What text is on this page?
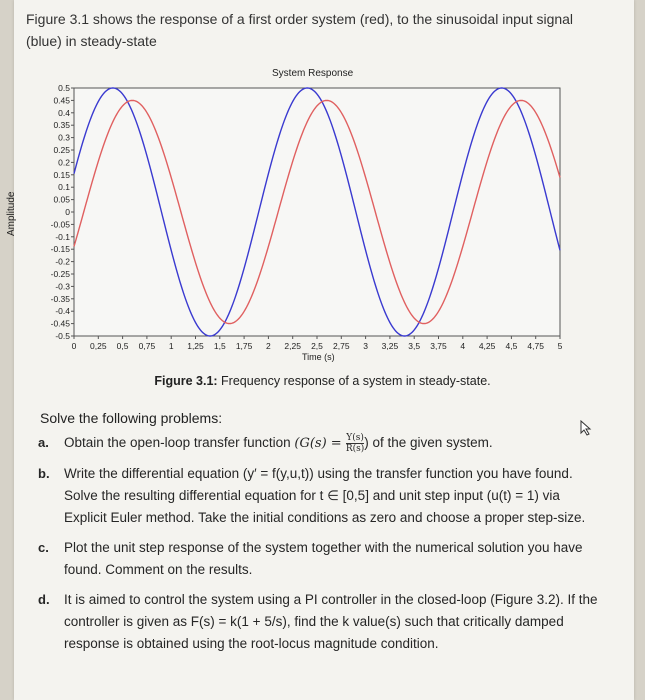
Figure 3.1 shows the response of a first order system (red), to the sinusoidal input signal (blue) in steady-state
System Response
0.5
0.45
0.4
0.35
0.3
0.25
0.2
0.15
0.1
0.05
0
-0.05
-0.1
-0.15
-0.2
-0.25
-0.3
-0.35
-0.4
-0.45
-0.5
0 0,25 0,5 0,75 1 1,25 1,5 1,75 2 2,25 2,5 2,75 3 3,25 3,5 3,75 4 4,25 4,5 4,75 5
Amplitude
Time (s)
Figure 3.1: Frequency response of a system in steady-state.
Solve the following problems:
a. Obtain the open-loop transfer function ($G(s) = \frac{Y(s)}{R(s)}$ ) of the given system.
b. Write the differential equation (y′ = f(y,u,t)) using the transfer function you have found. Solve the resulting differential equation for t ∈ [0,5] and unit step input (u(t) = 1) via Explicit Euler method. Take the initial conditions as zero and choose a proper step-size.
c. Plot the unit step response of the system together with the numerical solution you have found. Comment on the results.
d. It is aimed to control the system using a PI controller in the closed-loop (Figure 3.2). If the controller is given as F(s) = k(1 + 5/s), find the k value(s) such that critically damped response is obtained using the root-locus magnitude condition.
